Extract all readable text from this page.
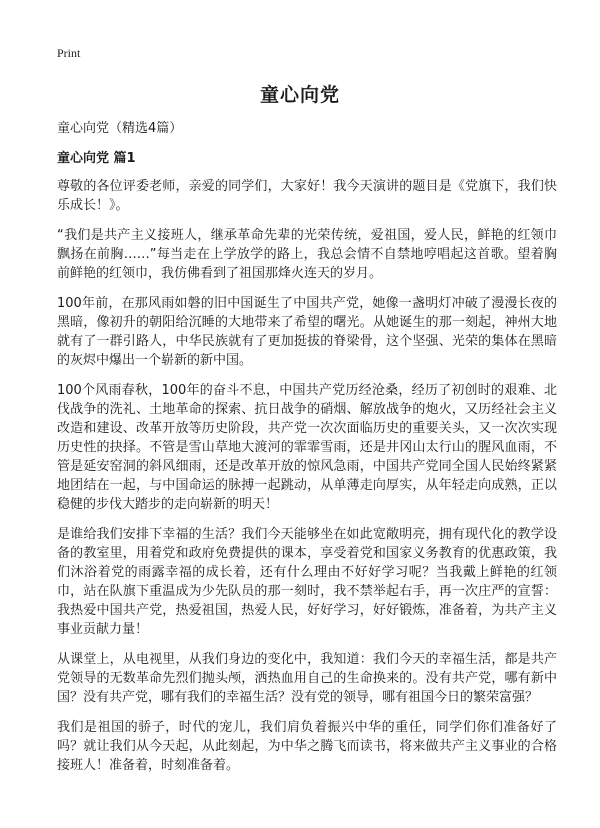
Print
童心向党

童心向党（精选4篇）

童心向党 篇1

尊敬的各位评委老师，亲爱的同学们，大家好！我今天演讲的题目是《党旗下，我们快乐成长！》。

“我们是共产主义接班人，继承革命先辈的光荣传统，爱祖国，爱人民，鲜艳的红领巾飘扬在前胸……”每当走在上学放学的路上，我总会情不自禁地哼唱起这首歌。望着胸前鲜艳的红领巾，我仿佛看到了祖国那烽火连天的岁月。

100年前，在那风雨如磐的旧中国诞生了中国共产党，她像一盏明灯冲破了漫漫长夜的黑暗，像初升的朝阳给沉睡的大地带来了希望的曙光。从她诞生的那一刻起，神州大地就有了一群引路人，中华民族就有了更加挺拔的脊梁骨，这个坚强、光荣的集体在黑暗的灰烬中爆出一个崭新的新中国。

100个风雨春秋，100年的奋斗不息，中国共产党历经沧桑，经历了初创时的艰难、北伐战争的洗礼、土地革命的探索、抗日战争的硝烟、解放战争的炮火，又历经社会主义改造和建设、改革开放等历史阶段，共产党一次次面临历史的重要关头，又一次次实现历史性的抉择。不管是雪山草地大渡河的霏霏雪雨，还是井冈山太行山的腥风血雨，不管是延安窑洞的斜风细雨，还是改革开放的惊风急雨，中国共产党同全国人民始终紧紧地团结在一起，与中国命运的脉搏一起跳动，从单薄走向厚实，从年轻走向成熟，正以稳健的步伐大踏步的走向崭新的明天！

是谁给我们安排下幸福的生活？我们今天能够坐在如此宽敞明亮，拥有现代化的教学设备的教室里，用着党和政府免费提供的课本，享受着党和国家义务教育的优惠政策，我们沐浴着党的雨露幸福的成长着，还有什么理由不好好学习呢？当我戴上鲜艳的红领巾，站在队旗下重温成为少先队员的那一刻时，我不禁举起右手，再一次庄严的宣誓：我热爱中国共产党，热爱祖国，热爱人民，好好学习，好好锻炼，准备着，为共产主义事业贡献力量！

从课堂上，从电视里，从我们身边的变化中，我知道：我们今天的幸福生活，都是共产党领导的无数革命先烈们抛头颅，洒热血用自己的生命换来的。没有共产党，哪有新中国？没有共产党，哪有我们的幸福生活？没有党的领导，哪有祖国今日的繁荣富强？

我们是祖国的骄子，时代的宠儿，我们肩负着振兴中华的重任，同学们你们准备好了吗？就让我们从今天起，从此刻起，为中华之腾飞而读书，将来做共产主义事业的合格接班人！准备着，时刻准备着。
